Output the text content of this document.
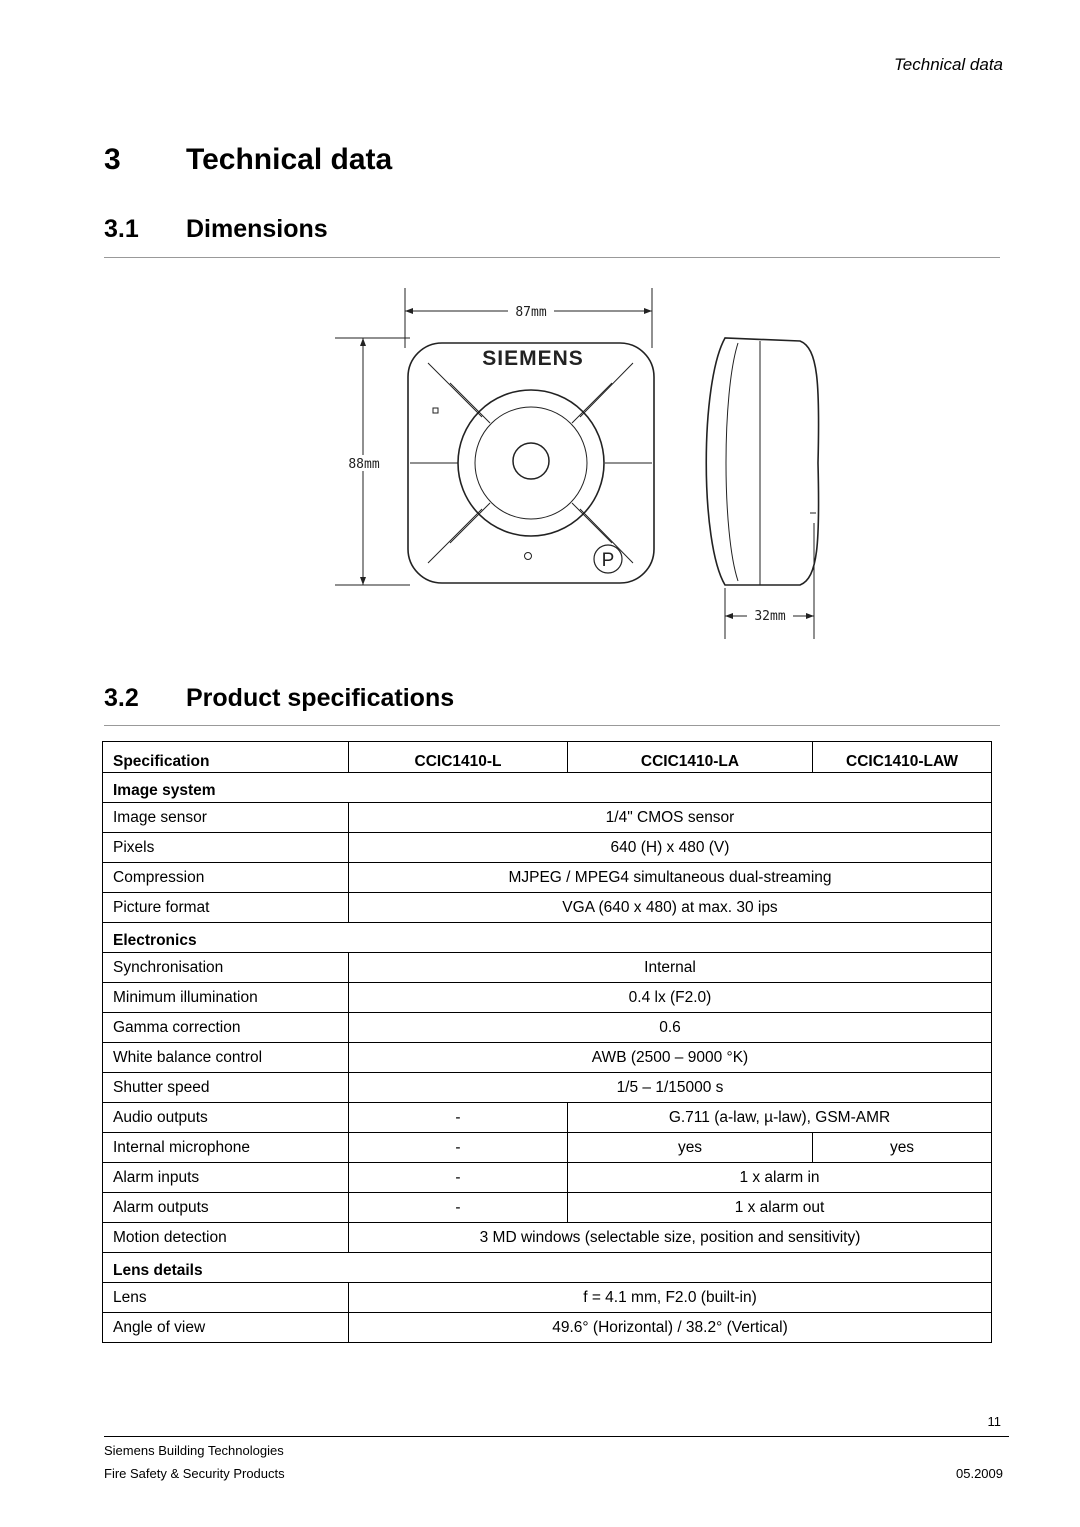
Technical data
3	Technical data
3.1	Dimensions
87mm
88mm
32mm
SIEMENS
P
3.2	Product specifications
Specification	CCIC1410-L	CCIC1410-LA	CCIC1410-LAW
Image system			
Image sensor	1/4" CMOS sensor		
Pixels	640 (H) x 480 (V)		
Compression	MJPEG / MPEG4 simultaneous dual-streaming		
Picture format	VGA (640 x 480) at max. 30 ips		
Electronics			
Synchronisation	Internal		
Minimum illumination	0.4 lx (F2.0)		
Gamma correction	0.6		
White balance control	AWB (2500 – 9000 °K)		
Shutter speed	1/5 – 1/15000 s		
Audio outputs	-	G.711 (a-law, µ-law), GSM-AMR	
Internal microphone	-	yes	yes
Alarm inputs	-	1 x alarm in	
Alarm outputs	-	1 x alarm out	
Motion detection	3 MD windows (selectable size, position and sensitivity)		
Lens details			
Lens	f = 4.1 mm, F2.0 (built-in)		
Angle of view	49.6° (Horizontal) / 38.2° (Vertical)		
11
Siemens Building Technologies
Fire Safety & Security Products	05.2009
